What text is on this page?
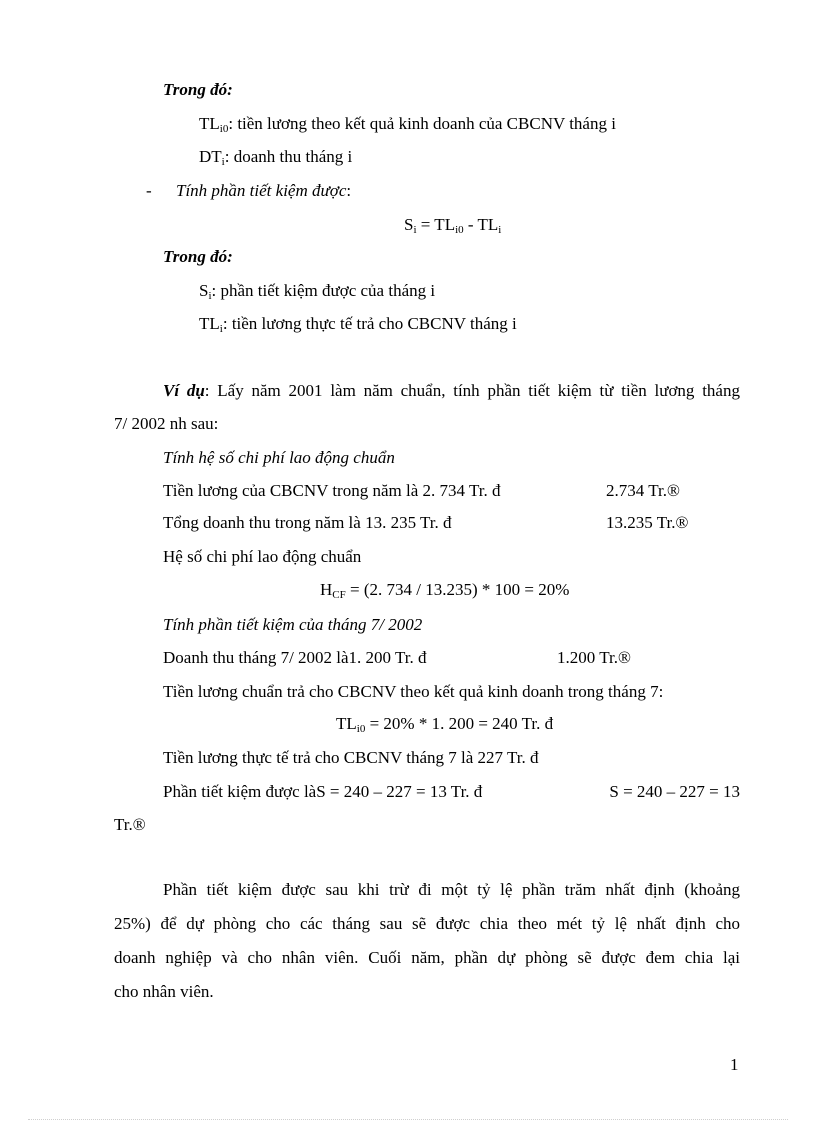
Trong đó:
$TL_{i0}$: tiền lương theo kết quả kinh doanh của CBCNV tháng i
$DT_i$: doanh thu tháng i
- Tính phần tiết kiệm được:
$S_i = TL_{i0} - TL_i$
Trong đó:
$S_i$: phần tiết kiệm được của tháng i
$TL_i$: tiền lương thực tế trả cho CBCNV tháng i
Ví dụ: Lấy năm 2001 làm năm chuẩn, tính phần tiết kiệm từ tiền lương tháng
7/ 2002 nh sau:
Tính hệ số chi phí lao động chuẩn
Tiền lương của CBCNV trong năm là 2. 734 Tr. đ	2.734 Tr.®
Tổng doanh thu trong năm là 13. 235 Tr. đ	13.235 Tr.®
Hệ số chi phí lao động chuẩn
$H_{CF} = (2$. 734 / 13.235) * 100 = 20%
Tính phần tiết kiệm của tháng 7/ 2002
Doanh thu tháng 7/ 2002 là1. 200 Tr. đ	1.200 Tr.®
Tiền lương chuẩn trả cho CBCNV theo kết quả kinh doanh trong tháng 7:
$TL_{i0} = 20\% * 1$. 200 = 240 Tr. đ
Tiền lương thực tế trả cho CBCNV tháng 7 là 227 Tr. đ
Phần tiết kiệm được làS = 240 – 227 = 13 Tr. đ	S = 240 – 227 = 13
Tr.®
Phần tiết kiệm được sau khi trừ đi một tỷ lệ phần trăm nhất định (khoảng
25%) để dự phòng cho các tháng sau sẽ được chia theo mét tỷ lệ nhất định cho
doanh nghiệp và cho nhân viên. Cuối năm, phần dự phòng sẽ được đem chia lại
cho nhân viên.
1
